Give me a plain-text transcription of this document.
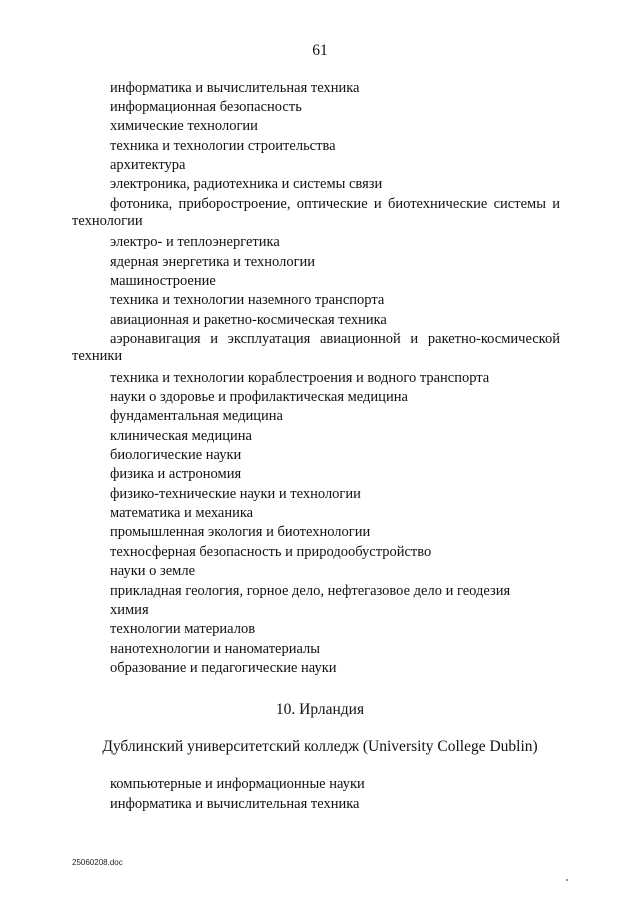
61
информатика и вычислительная техника
информационная безопасность
химические технологии
техника и технологии строительства
архитектура
электроника, радиотехника и системы связи
фотоника, приборостроение, оптические и биотехнические системы и технологии
электро- и теплоэнергетика
ядерная энергетика и технологии
машиностроение
техника и технологии наземного транспорта
авиационная и ракетно-космическая техника
аэронавигация и эксплуатация авиационной и ракетно-космической техники
техника и технологии кораблестроения и водного транспорта
науки о здоровье и профилактическая медицина
фундаментальная медицина
клиническая медицина
биологические науки
физика и астрономия
физико-технические науки и технологии
математика и механика
промышленная экология и биотехнологии
техносферная безопасность и природообустройство
науки о земле
прикладная геология, горное дело, нефтегазовое дело и геодезия
химия
технологии материалов
нанотехнологии и наноматериалы
образование и педагогические науки
10. Ирландия
Дублинский университетский колледж (University College Dublin)
компьютерные и информационные науки
информатика и вычислительная техника
25060208.doc
